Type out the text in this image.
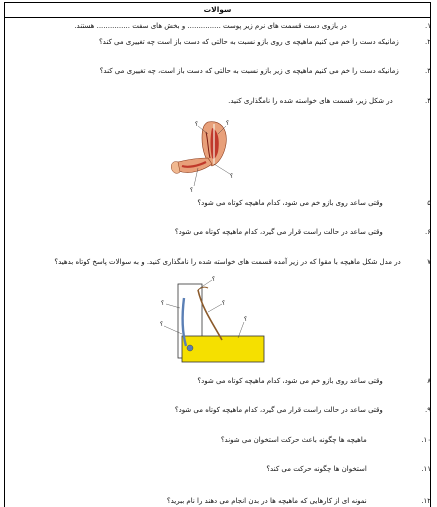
سوالات
۱. در بازوی دست قسمت های نرم زیر پوست ............... و بخش های سفت ............... هستند.
۲. زمانیکه دست را خم می کنیم ماهیچه ی روی بازو نسبت به حالتی که دست باز است چه تغییری می کند؟
۳. زمانیکه دست را خم می کنیم ماهیچه ی زیر بازو نسبت به حالتی که دست باز است، چه تغییری می کند؟
۴. در شکل زیر، قسمت های خواسته شده را نامگذاری کنید.
؟	؟
؟
؟
۵ وقتی ساعد روی بازو خم می شود، کدام ماهیچه کوتاه می شود؟
۶. وقتی ساعد در حالت راست قرار می گیرد، کدام ماهیچه کوتاه می شود؟
۷ در مدل شکل ماهیچه با مقوا که در زیر آمده قسمت های خواسته شده را نامگذاری کنید. و به سوالات پاسخ کوتاه بدهید؟
؟
؟
؟
؟
؟
۸ وقتی ساعد روی بازو خم می شود، کدام ماهیچه کوتاه می شود؟
۹. وقتی ساعد در حالت راست قرار می گیرد، کدام ماهیچه کوتاه می شود؟
۱۰. ماهیچه ها چگونه باعث حرکت استخوان می شوند؟
۱۱. استخوان ها چگونه حرکت می کند؟
۱۲. نمونه ای از کارهایی که ماهیچه ها در بدن انجام می دهند را نام ببرید؟
